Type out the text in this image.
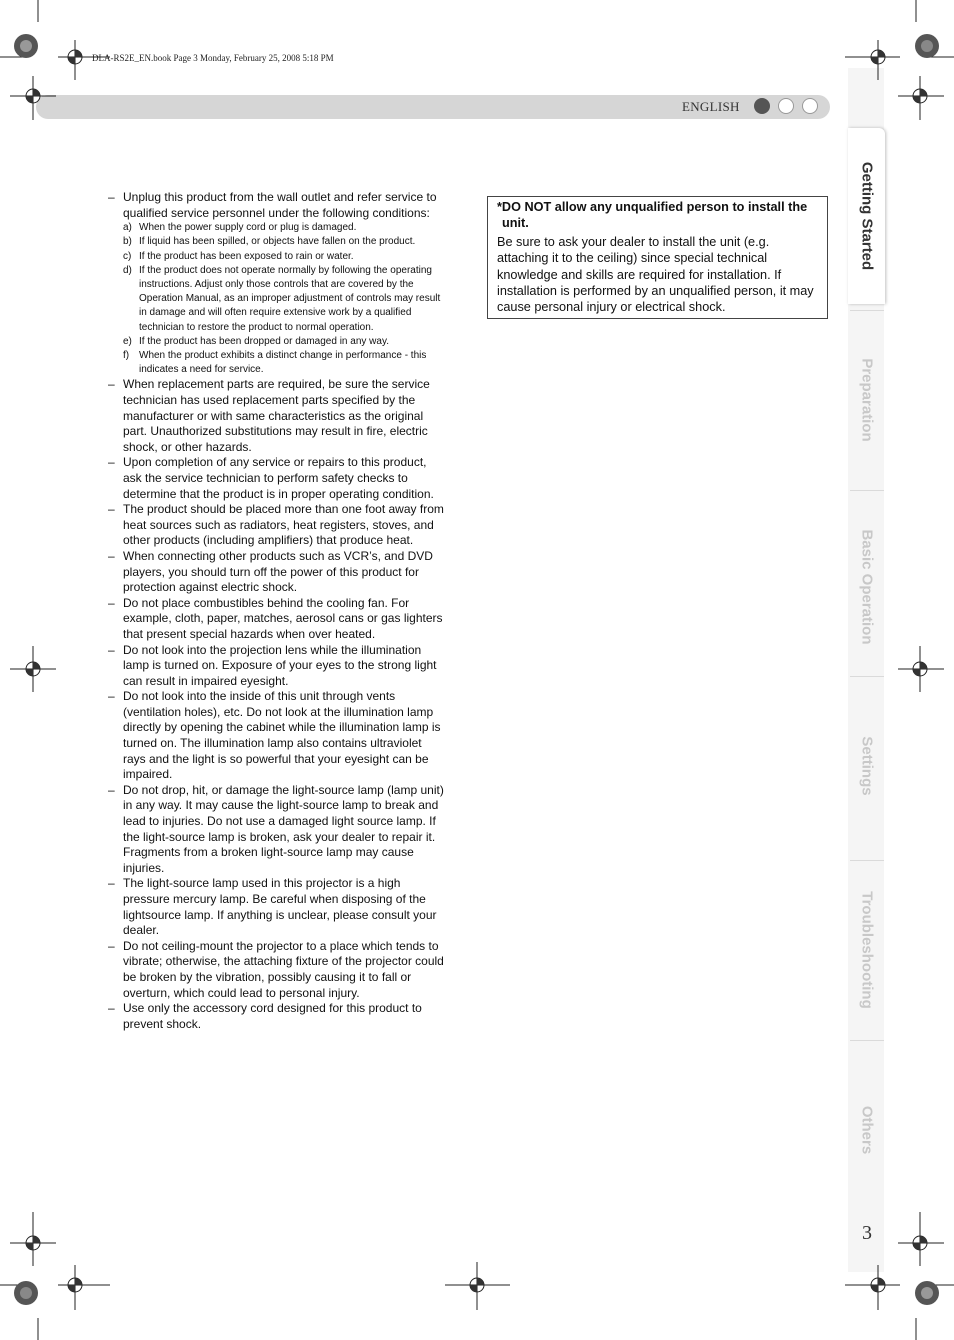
DLA-RS2E_EN.book Page 3 Monday, February 25, 2008 5:18 PM
ENGLISH
Getting Started
Preparation
Basic Operation
Settings
Troubleshooting
Others
3
– Unplug this product from the wall outlet and refer service to qualified service personnel under the following conditions:
a) When the power supply cord or plug is damaged.
b) If liquid has been spilled, or objects have fallen on the product.
c) If the product has been exposed to rain or water.
d) If the product does not operate normally by following the operating instructions. Adjust only those controls that are covered by the Operation Manual, as an improper adjustment of controls may result in damage and will often require extensive work by a qualified technician to restore the product to normal operation.
e) If the product has been dropped or damaged in any way.
f) When the product exhibits a distinct change in performance - this indicates a need for service.
– When replacement parts are required, be sure the service technician has used replacement parts specified by the manufacturer or with same characteristics as the original part. Unauthorized substitutions may result in fire, electric shock, or other hazards.
– Upon completion of any service or repairs to this product, ask the service technician to perform safety checks to determine that the product is in proper operating condition.
– The product should be placed more than one foot away from heat sources such as radiators, heat registers, stoves, and other products (including amplifiers) that produce heat.
– When connecting other products such as VCR’s, and DVD players, you should turn off the power of this product for protection against electric shock.
– Do not place combustibles behind the cooling fan. For example, cloth, paper, matches, aerosol cans or gas lighters that present special hazards when over heated.
– Do not look into the projection lens while the illumination lamp is turned on. Exposure of your eyes to the strong light can result in impaired eyesight.
– Do not look into the inside of this unit through vents (ventilation holes), etc. Do not look at the illumination lamp directly by opening the cabinet while the illumination lamp is turned on. The illumination lamp also contains ultraviolet rays and the light is so powerful that your eyesight can be impaired.
– Do not drop, hit, or damage the light-source lamp (lamp unit) in any way. It may cause the light-source lamp to break and lead to injuries. Do not use a damaged light source lamp. If the light-source lamp is broken, ask your dealer to repair it. Fragments from a broken light-source lamp may cause injuries.
– The light-source lamp used in this projector is a high pressure mercury lamp. Be careful when disposing of the lightsource lamp. If anything is unclear, please consult your dealer.
– Do not ceiling-mount the projector to a place which tends to vibrate; otherwise, the attaching fixture of the projector could be broken by the vibration, possibly causing it to fall or overturn, which could lead to personal injury.
– Use only the accessory cord designed for this product to prevent shock.
*DO NOT allow any unqualified person to install the unit.
Be sure to ask your dealer to install the unit (e.g. attaching it to the ceiling) since special technical knowledge and skills are required for installation. If installation is performed by an unqualified person, it may cause personal injury or electrical shock.
